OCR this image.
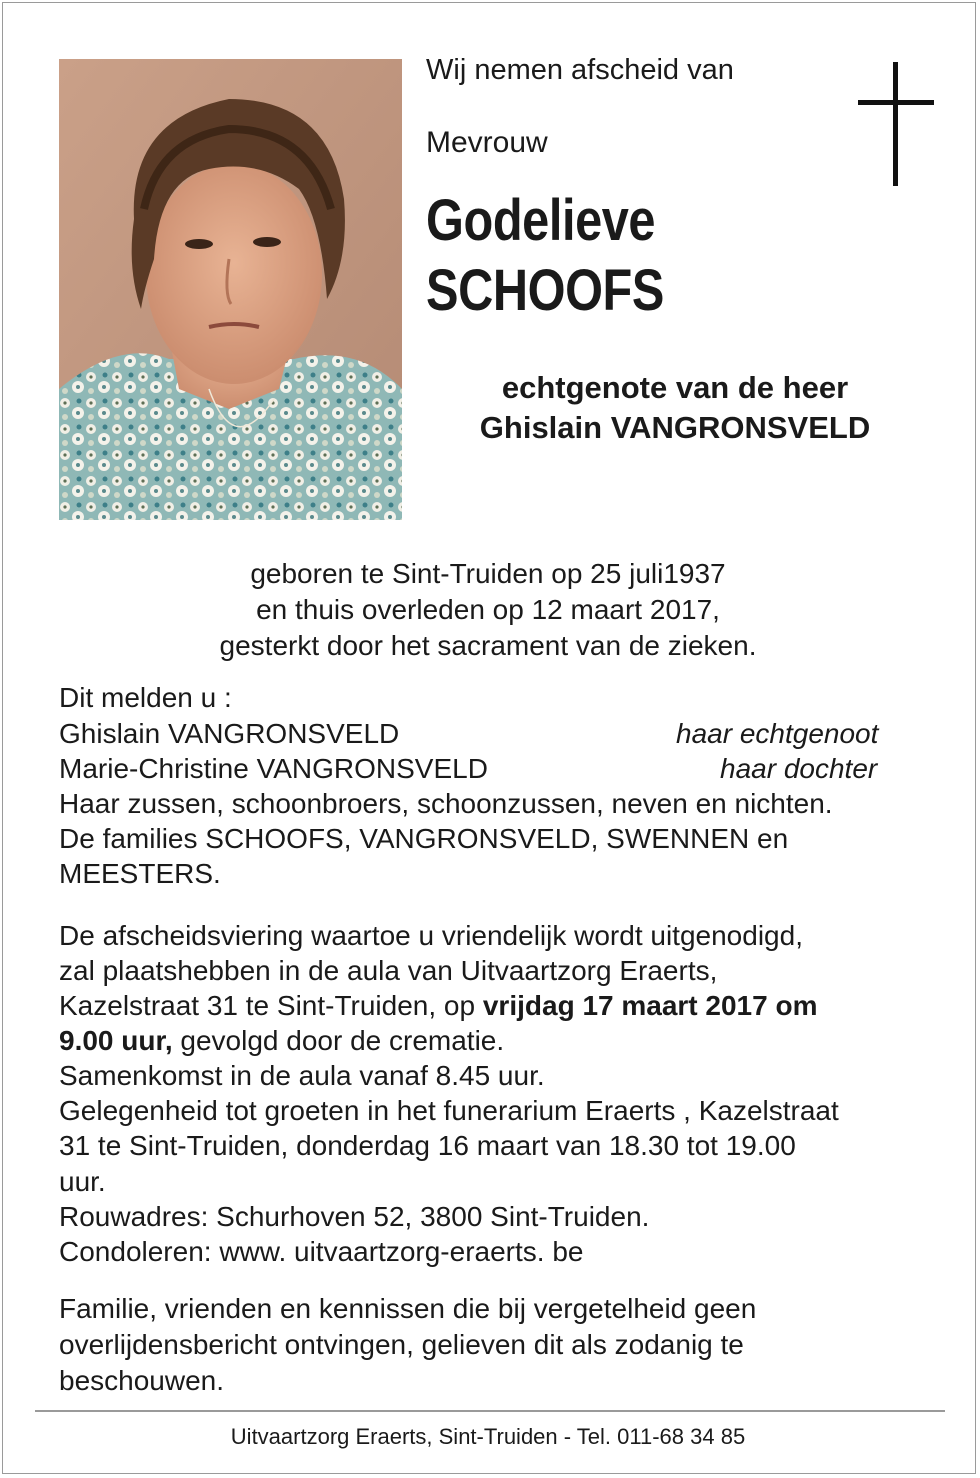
Wij nemen afscheid van

Mevrouw

Godelieve
SCHOOFS

echtgenote van de heer

Ghislain VANGRONSVELD

geboren te Sint-Truiden op 25 juli1937

en thuis overleden op 12 maart 2017,

gesterkt door het sacrament van de zieken.

Dit melden u :

Ghislain VANGRONSVELD	haar echtgenoot

Marie-Christine VANGRONSVELD	haar dochter

Haar zussen, schoonbroers, schoonzussen, neven en nichten.

De families SCHOOFS, VANGRONSVELD, SWENNEN en

MEESTERS.

De afscheidsviering waartoe u vriendelijk wordt uitgenodigd,

zal plaatshebben in de aula van Uitvaartzorg Eraerts,

Kazelstraat 31 te Sint-Truiden, op vrijdag 17 maart 2017 om

9.00 uur, gevolgd door de crematie.

Samenkomst in de aula vanaf 8.45 uur.

Gelegenheid tot groeten in het funerarium Eraerts , Kazelstraat

31 te Sint-Truiden, donderdag 16 maart van 18.30 tot 19.00

uur.

Rouwadres: Schurhoven 52, 3800 Sint-Truiden.

Condoleren: www. uitvaartzorg-eraerts. be

Familie, vrienden en kennissen die bij vergetelheid geen

overlijdensbericht ontvingen, gelieven dit als zodanig te

beschouwen.

Uitvaartzorg Eraerts, Sint-Truiden - Tel. 011-68 34 85
